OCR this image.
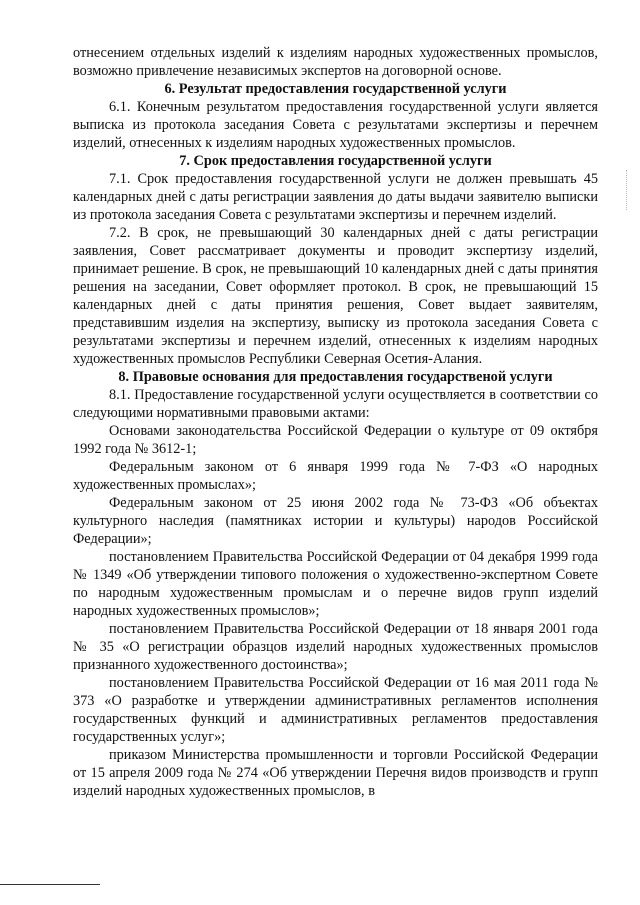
отнесением отдельных изделий к изделиям народных художественных промыслов, возможно привлечение независимых экспертов на договорной основе.

6. Результат предоставления государственной услуги

6.1. Конечным результатом предоставления государственной услуги является выписка из протокола заседания Совета с результатами экспертизы и перечнем изделий, отнесенных к изделиям народных художественных промыслов.

7. Срок предоставления государственной услуги

7.1. Срок предоставления государственной услуги не должен превышать 45 календарных дней с даты регистрации заявления до даты выдачи заявителю выписки из протокола заседания Совета с результатами экспертизы и перечнем изделий.

7.2. В срок, не превышающий 30 календарных дней с даты регистрации заявления, Совет рассматривает документы и проводит экспертизу изделий, принимает решение. В срок, не превышающий 10 календарных дней с даты принятия решения на заседании, Совет оформляет протокол. В срок, не превышающий 15 календарных дней с даты принятия решения, Совет выдает заявителям, представившим изделия на экспертизу, выписку из протокола заседания Совета с результатами экспертизы и перечнем изделий, отнесенных к изделиям народных художественных промыслов Республики Северная Осетия-Алания.

8. Правовые основания для предоставления государственой услуги

8.1. Предоставление государственной услуги осуществляется в соответствии со следующими нормативными правовыми актами:

Основами законодательства Российской Федерации о культуре от 09 октября 1992 года № 3612-1;

Федеральным законом от 6 января 1999 года № 7-ФЗ «О народных художественных промыслах»;

Федеральным законом от 25 июня 2002 года № 73-ФЗ «Об объектах культурного наследия (памятниках истории и культуры) народов Российской Федерации»;

постановлением Правительства Российской Федерации от 04 декабря 1999 года № 1349 «Об утверждении типового положения о художественно-экспертном Совете по народным художественным промыслам и о перечне видов групп изделий народных художественных промыслов»;

постановлением Правительства Российской Федерации от 18 января 2001 года № 35 «О регистрации образцов изделий народных художественных промыслов признанного художественного достоинства»;

постановлением Правительства Российской Федерации от 16 мая 2011 года № 373 «О разработке и утверждении административных регламентов исполнения государственных функций и административных регламентов предоставления государственных услуг»;

приказом Министерства промышленности и торговли Российской Федерации от 15 апреля 2009 года № 274 «Об утверждении Перечня видов производств и групп изделий народных художественных промыслов, в
